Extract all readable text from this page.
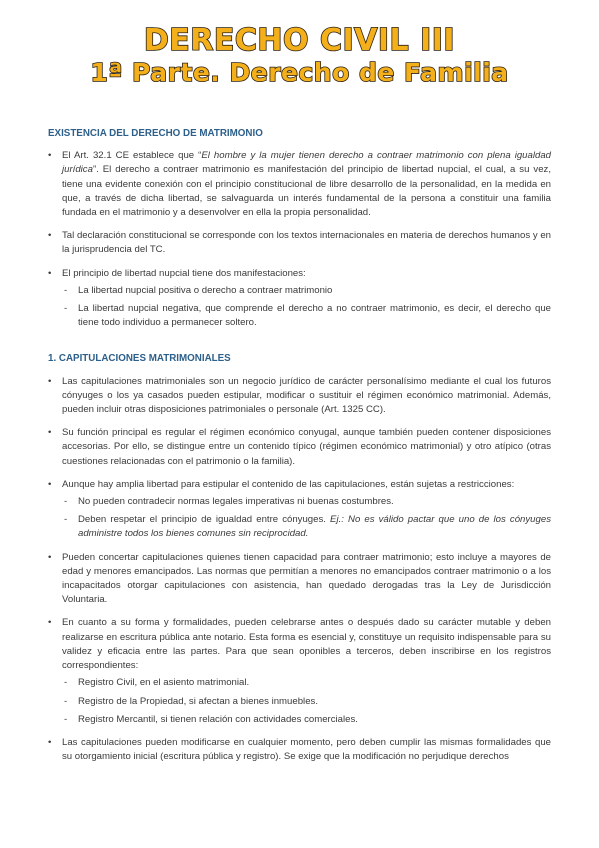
DERECHO CIVIL III
1ª Parte. Derecho de Familia
EXISTENCIA DEL DERECHO DE MATRIMONIO
• El Art. 32.1 CE establece que “El hombre y la mujer tienen derecho a contraer matrimonio con plena igualdad jurídica”. El derecho a contraer matrimonio es manifestación del principio de libertad nupcial, el cual, a su vez, tiene una evidente conexión con el principio constitucional de libre desarrollo de la personalidad, en la medida en que, a través de dicha libertad, se salvaguarda un interés fundamental de la persona a constituir una familia fundada en el matrimonio y a desenvolver en ella la propia personalidad.
• Tal declaración constitucional se corresponde con los textos internacionales en materia de derechos humanos y en la jurisprudencia del TC.
• El principio de libertad nupcial tiene dos manifestaciones:
- La libertad nupcial positiva o derecho a contraer matrimonio
- La libertad nupcial negativa, que comprende el derecho a no contraer matrimonio, es decir, el derecho que tiene todo individuo a permanecer soltero.
1. CAPITULACIONES MATRIMONIALES
• Las capitulaciones matrimoniales son un negocio jurídico de carácter personalísimo mediante el cual los futuros cónyuges o los ya casados pueden estipular, modificar o sustituir el régimen económico matrimonial. Además, pueden incluir otras disposiciones patrimoniales o personale (Art. 1325 CC).
• Su función principal es regular el régimen económico conyugal, aunque también pueden contener disposiciones accesorias. Por ello, se distingue entre un contenido típico (régimen económico matrimonial) y otro atípico (otras cuestiones relacionadas con el patrimonio o la familia).
• Aunque hay amplia libertad para estipular el contenido de las capitulaciones, están sujetas a restricciones:
- No pueden contradecir normas legales imperativas ni buenas costumbres.
- Deben respetar el principio de igualdad entre cónyuges. Ej.: No es válido pactar que uno de los cónyuges administre todos los bienes comunes sin reciprocidad.
• Pueden concertar capitulaciones quienes tienen capacidad para contraer matrimonio; esto incluye a mayores de edad y menores emancipados. Las normas que permitían a menores no emancipados contraer matrimonio o a los incapacitados otorgar capitulaciones con asistencia, han quedado derogadas tras la Ley de Jurisdicción Voluntaria.
• En cuanto a su forma y formalidades, pueden celebrarse antes o después dado su carácter mutable y deben realizarse en escritura pública ante notario. Esta forma es esencial y, constituye un requisito indispensable para su validez y eficacia entre las partes. Para que sean oponibles a terceros, deben inscribirse en los registros correspondientes:
- Registro Civil, en el asiento matrimonial.
- Registro de la Propiedad, si afectan a bienes inmuebles.
- Registro Mercantil, si tienen relación con actividades comerciales.
• Las capitulaciones pueden modificarse en cualquier momento, pero deben cumplir las mismas formalidades que su otorgamiento inicial (escritura pública y registro). Se exige que la modificación no perjudique derechos
